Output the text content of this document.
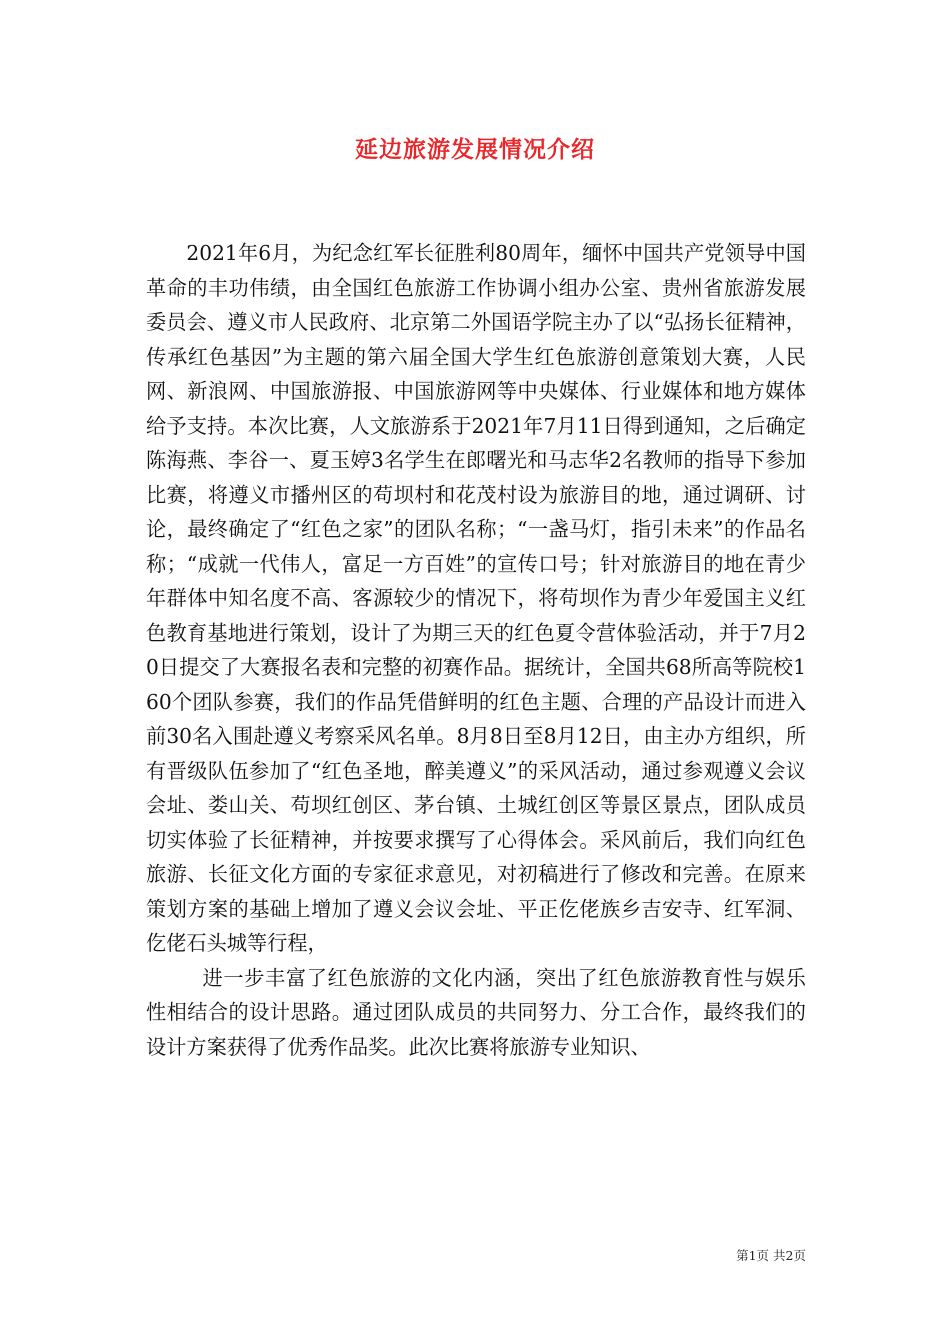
延边旅游发展情况介绍

2021年6月，为纪念红军长征胜利80周年，缅怀中国共产党领导中国革命的丰功伟绩，由全国红色旅游工作协调小组办公室、贵州省旅游发展委员会、遵义市人民政府、北京第二外国语学院主办了以“弘扬长征精神，传承红色基因”为主题的第六届全国大学生红色旅游创意策划大赛，人民网、新浪网、中国旅游报、中国旅游网等中央媒体、行业媒体和地方媒体给予支持。本次比赛，人文旅游系于2021年7月11日得到通知，之后确定陈海燕、李谷一、夏玉婷3名学生在郎曙光和马志华2名教师的指导下参加比赛，将遵义市播州区的苟坝村和花茂村设为旅游目的地，通过调研、讨论，最终确定了“红色之家”的团队名称；“一盏马灯，指引未来”的作品名称；“成就一代伟人，富足一方百姓”的宣传口号；针对旅游目的地在青少年群体中知名度不高、客源较少的情况下，将苟坝作为青少年爱国主义红色教育基地进行策划，设计了为期三天的红色夏令营体验活动，并于7月20日提交了大赛报名表和完整的初赛作品。据统计，全国共68所高等院校160个团队参赛，我们的作品凭借鲜明的红色主题、合理的产品设计而进入前30名入围赴遵义考察采风名单。8月8日至8月12日，由主办方组织，所有晋级队伍参加了“红色圣地，醉美遵义”的采风活动，通过参观遵义会议会址、娄山关、苟坝红创区、茅台镇、土城红创区等景区景点，团队成员切实体验了长征精神，并按要求撰写了心得体会。采风前后，我们向红色旅游、长征文化方面的专家征求意见，对初稿进行了修改和完善。在原来策划方案的基础上增加了遵义会议会址、平正仡佬族乡吉安寺、红军洞、仡佬石头城等行程，

进一步丰富了红色旅游的文化内涵，突出了红色旅游教育性与娱乐性相结合的设计思路。通过团队成员的共同努力、分工合作，最终我们的设计方案获得了优秀作品奖。此次比赛将旅游专业知识、

第1页 共2页
